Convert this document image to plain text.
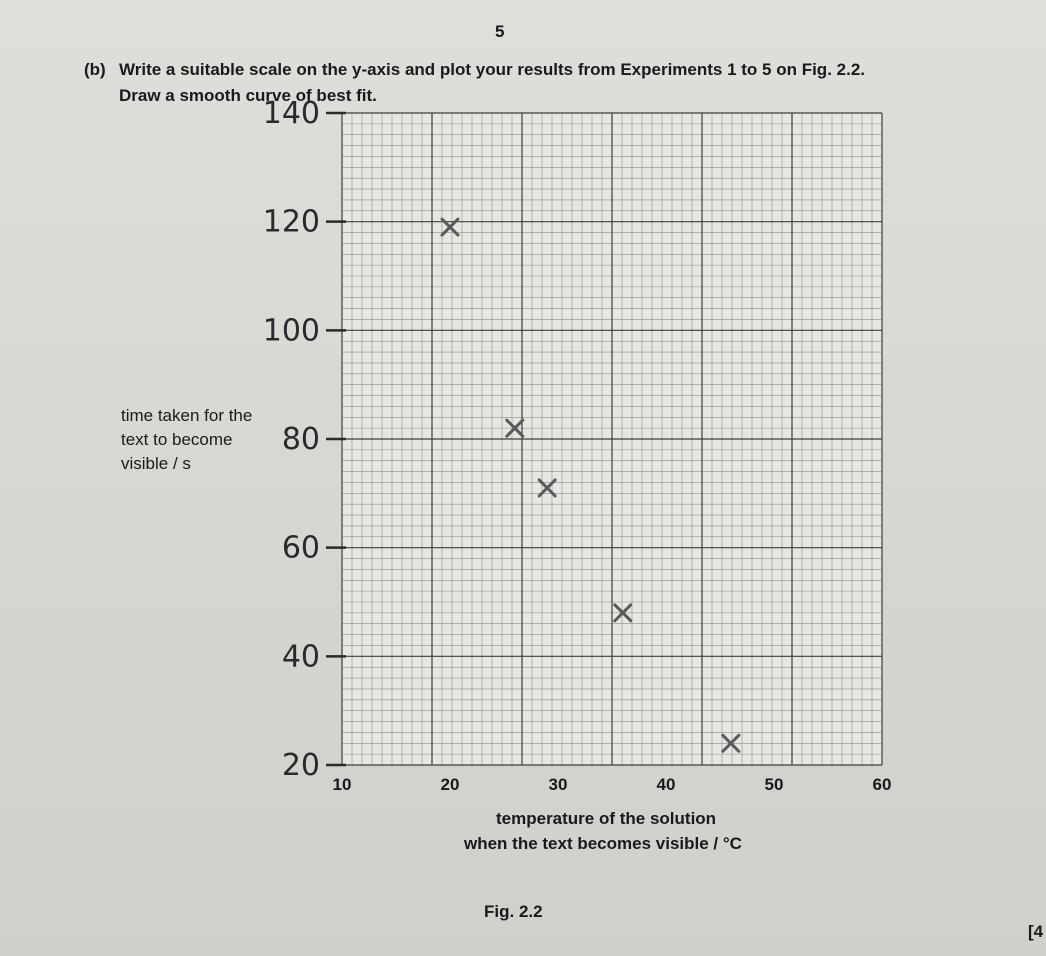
5
(b) Write a suitable scale on the y-axis and plot your results from Experiments 1 to 5 on Fig. 2.2.
Draw a smooth curve of best fit.
time taken for the
text to become
visible / s
10	20	30	40	50	60
140
120
100
80
60
40
20
temperature of the solution
when the text becomes visible / °C
Fig. 2.2
[4
